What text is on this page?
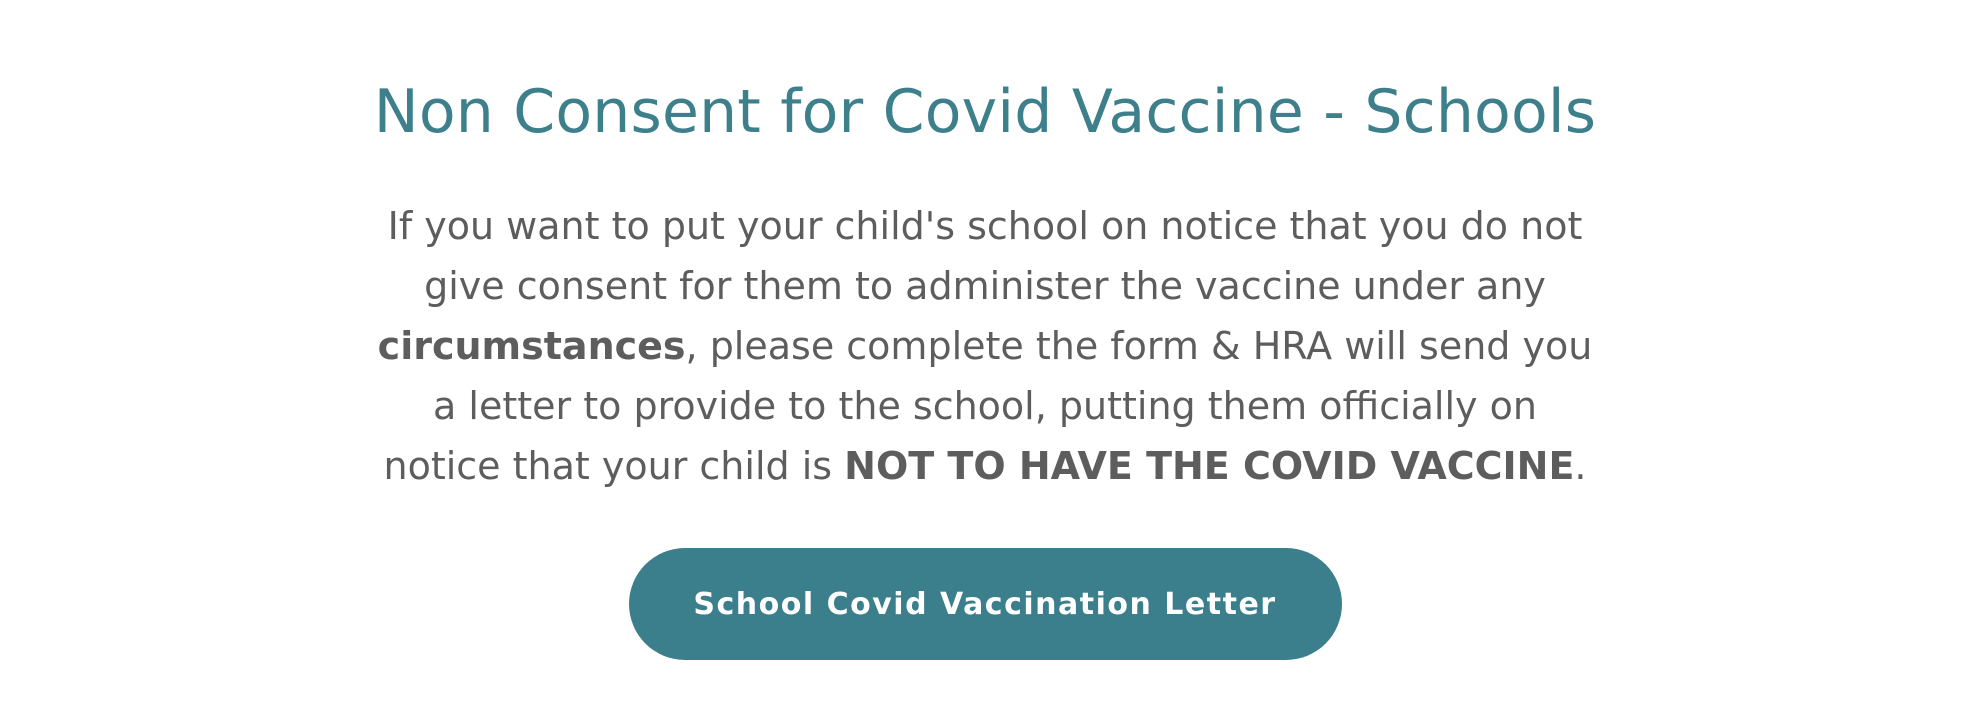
Non Consent for Covid Vaccine - Schools

If you want to put your child's school on notice that you do not give consent for them to administer the vaccine under any circumstances, please complete the form & HRA will send you a letter to provide to the school, putting them officially on notice that your child is NOT TO HAVE THE COVID VACCINE.

School Covid Vaccination Letter
